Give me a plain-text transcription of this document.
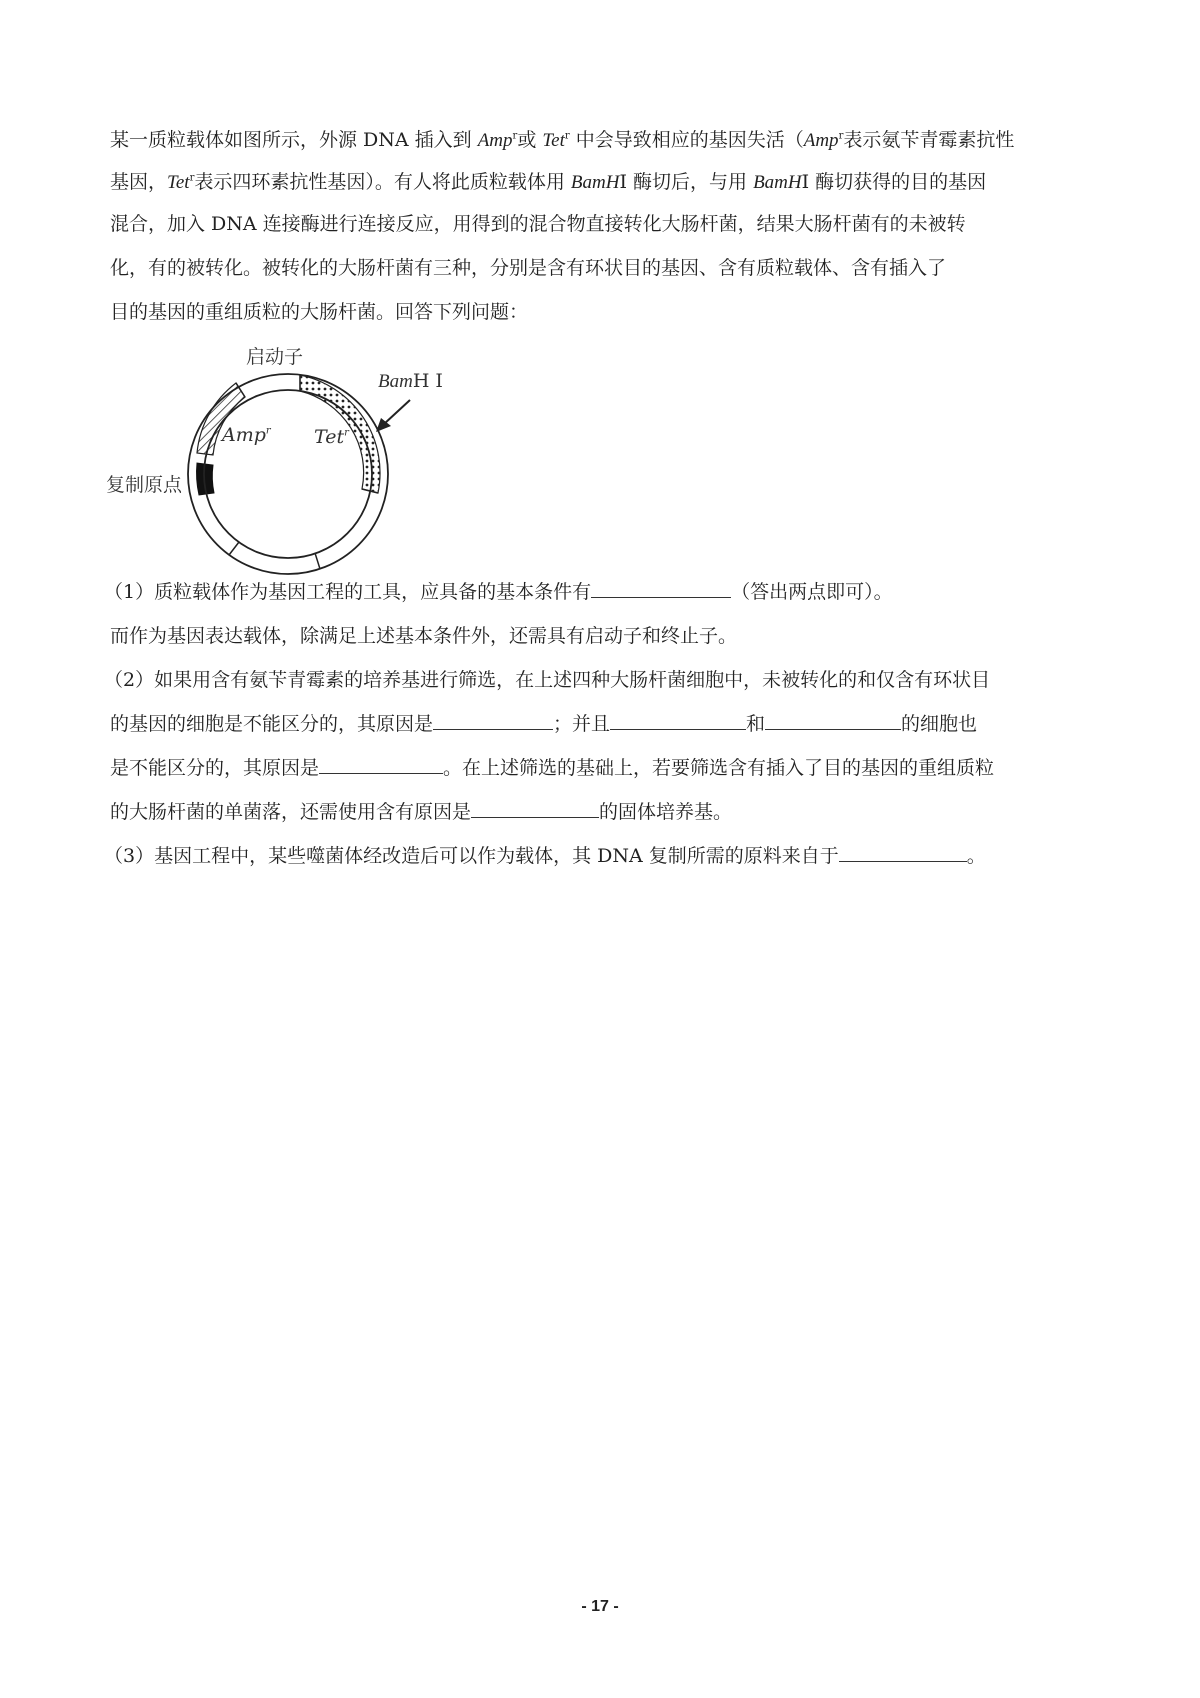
某一质粒载体如图所示，外源 DNA 插入到 Amp$^r$或 Tet$^r$ 中会导致相应的基因失活（Amp$^r$表示氨苄青霉素抗性

基因，Tet$^r$表示四环素抗性基因）。有人将此质粒载体用 BamHⅠ 酶切后，与用 BamHⅠ 酶切获得的目的基因

混合，加入 DNA 连接酶进行连接反应，用得到的混合物直接转化大肠杆菌，结果大肠杆菌有的未被转

化，有的被转化。被转化的大肠杆菌有三种，分别是含有环状目的基因、含有质粒载体、含有插入了

目的基因的重组质粒的大肠杆菌。回答下列问题：

启动子
BamH Ⅰ
Amp$^r$ Tet$^r$
复制原点

（1）质粒载体作为基因工程的工具，应具备的基本条件有	（答出两点即可）。

而作为基因表达载体，除满足上述基本条件外，还需具有启动子和终止子。

（2）如果用含有氨苄青霉素的培养基进行筛选，在上述四种大肠杆菌细胞中，未被转化的和仅含有环状目

的基因的细胞是不能区分的，其原因是	；并且	和	的细胞也

是不能区分的，其原因是	。在上述筛选的基础上，若要筛选含有插入了目的基因的重组质粒

的大肠杆菌的单菌落，还需使用含有原因是	的固体培养基。

（3）基因工程中，某些噬菌体经改造后可以作为载体，其 DNA 复制所需的原料来自于	。

- 17 -
